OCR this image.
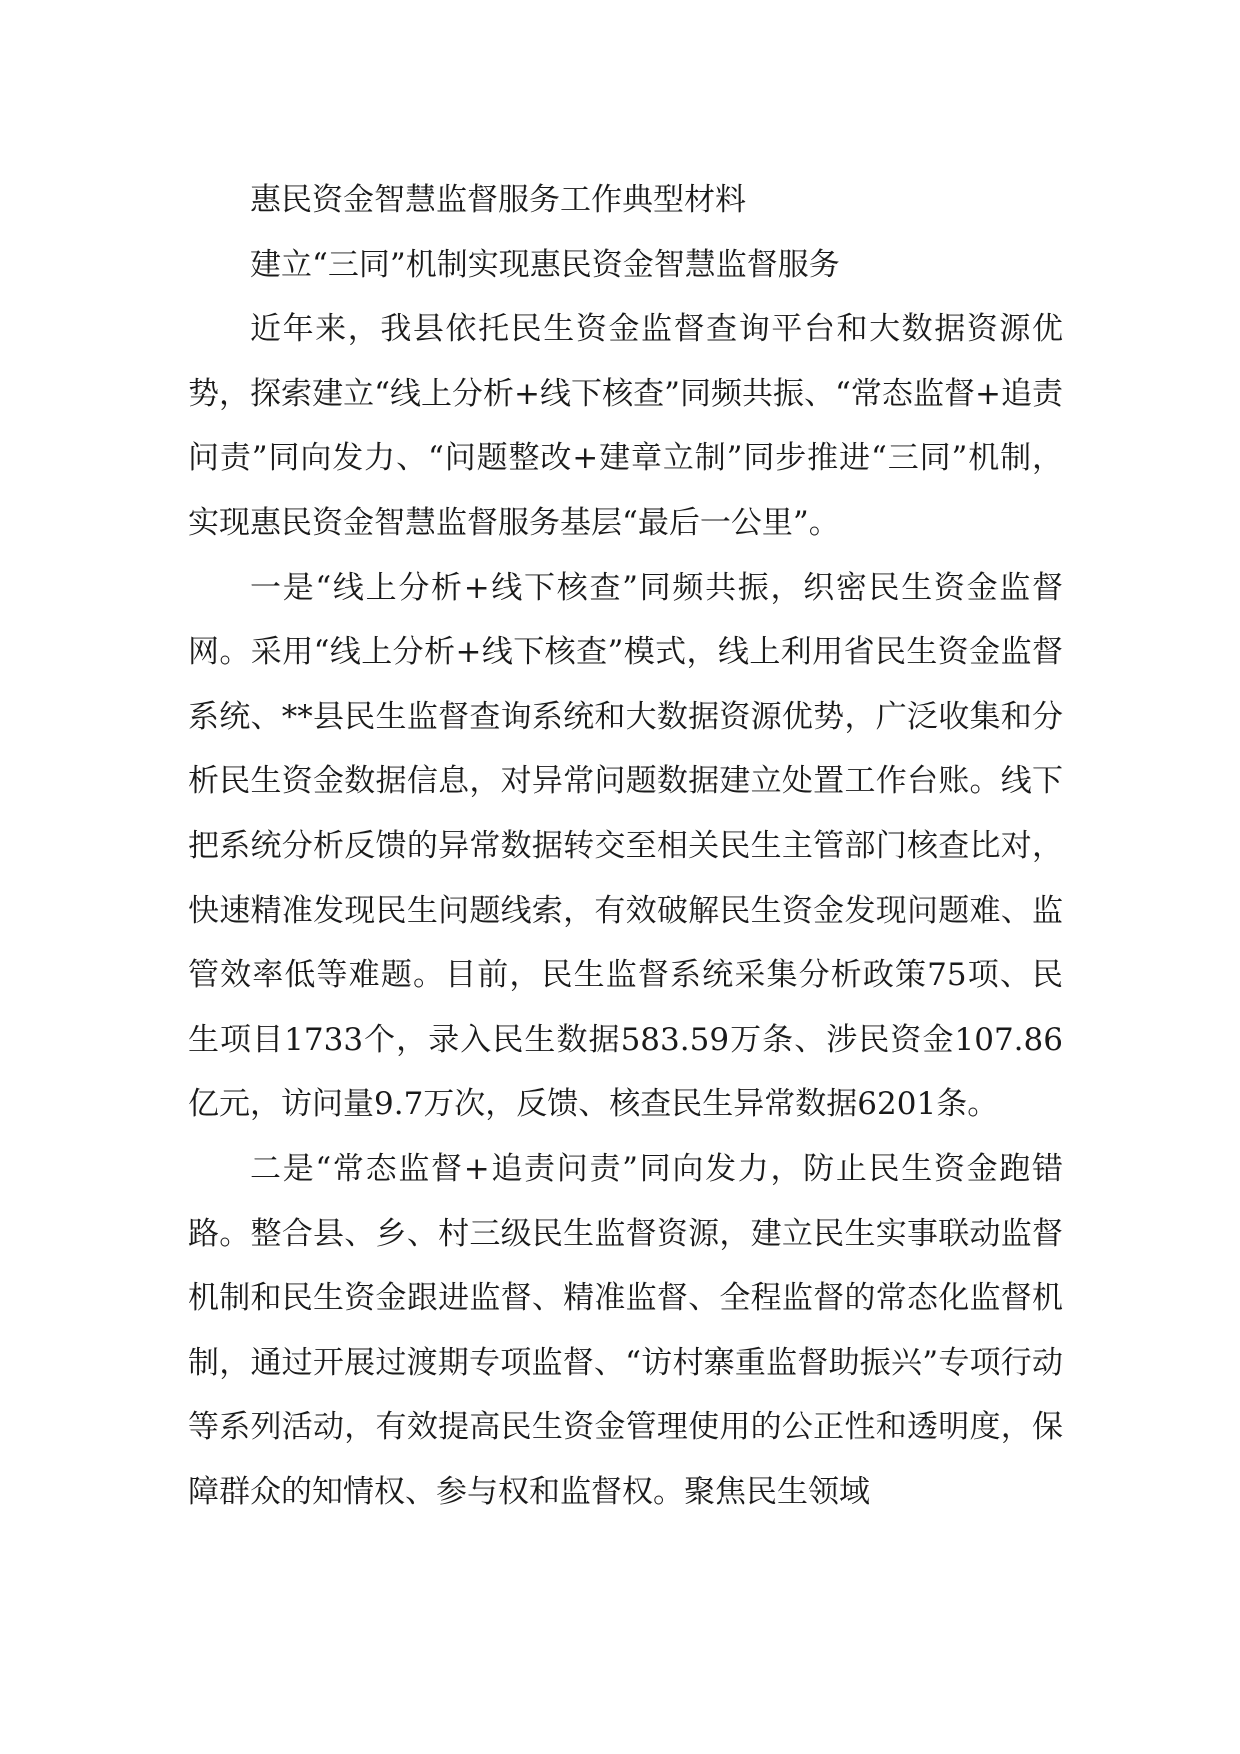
惠民资金智慧监督服务工作典型材料

建立“三同”机制实现惠民资金智慧监督服务

近年来，我县依托民生资金监督查询平台和大数据资源优势，探索建立“线上分析+线下核查”同频共振、“常态监督+追责问责”同向发力、“问题整改+建章立制”同步推进“三同”机制，实现惠民资金智慧监督服务基层“最后一公里”。

一是“线上分析+线下核查”同频共振，织密民生资金监督网。采用“线上分析+线下核查”模式，线上利用省民生资金监督系统、**县民生监督查询系统和大数据资源优势，广泛收集和分析民生资金数据信息，对异常问题数据建立处置工作台账。线下把系统分析反馈的异常数据转交至相关民生主管部门核查比对，快速精准发现民生问题线索，有效破解民生资金发现问题难、监管效率低等难题。目前，民生监督系统采集分析政策75项、民生项目1733个，录入民生数据583.59万条、涉民资金107.86亿元，访问量9.7万次，反馈、核查民生异常数据6201条。

二是“常态监督+追责问责”同向发力，防止民生资金跑错路。整合县、乡、村三级民生监督资源，建立民生实事联动监督机制和民生资金跟进监督、精准监督、全程监督的常态化监督机制，通过开展过渡期专项监督、“访村寨重监督助振兴”专项行动等系列活动，有效提高民生资金管理使用的公正性和透明度，保障群众的知情权、参与权和监督权。聚焦民生领域
